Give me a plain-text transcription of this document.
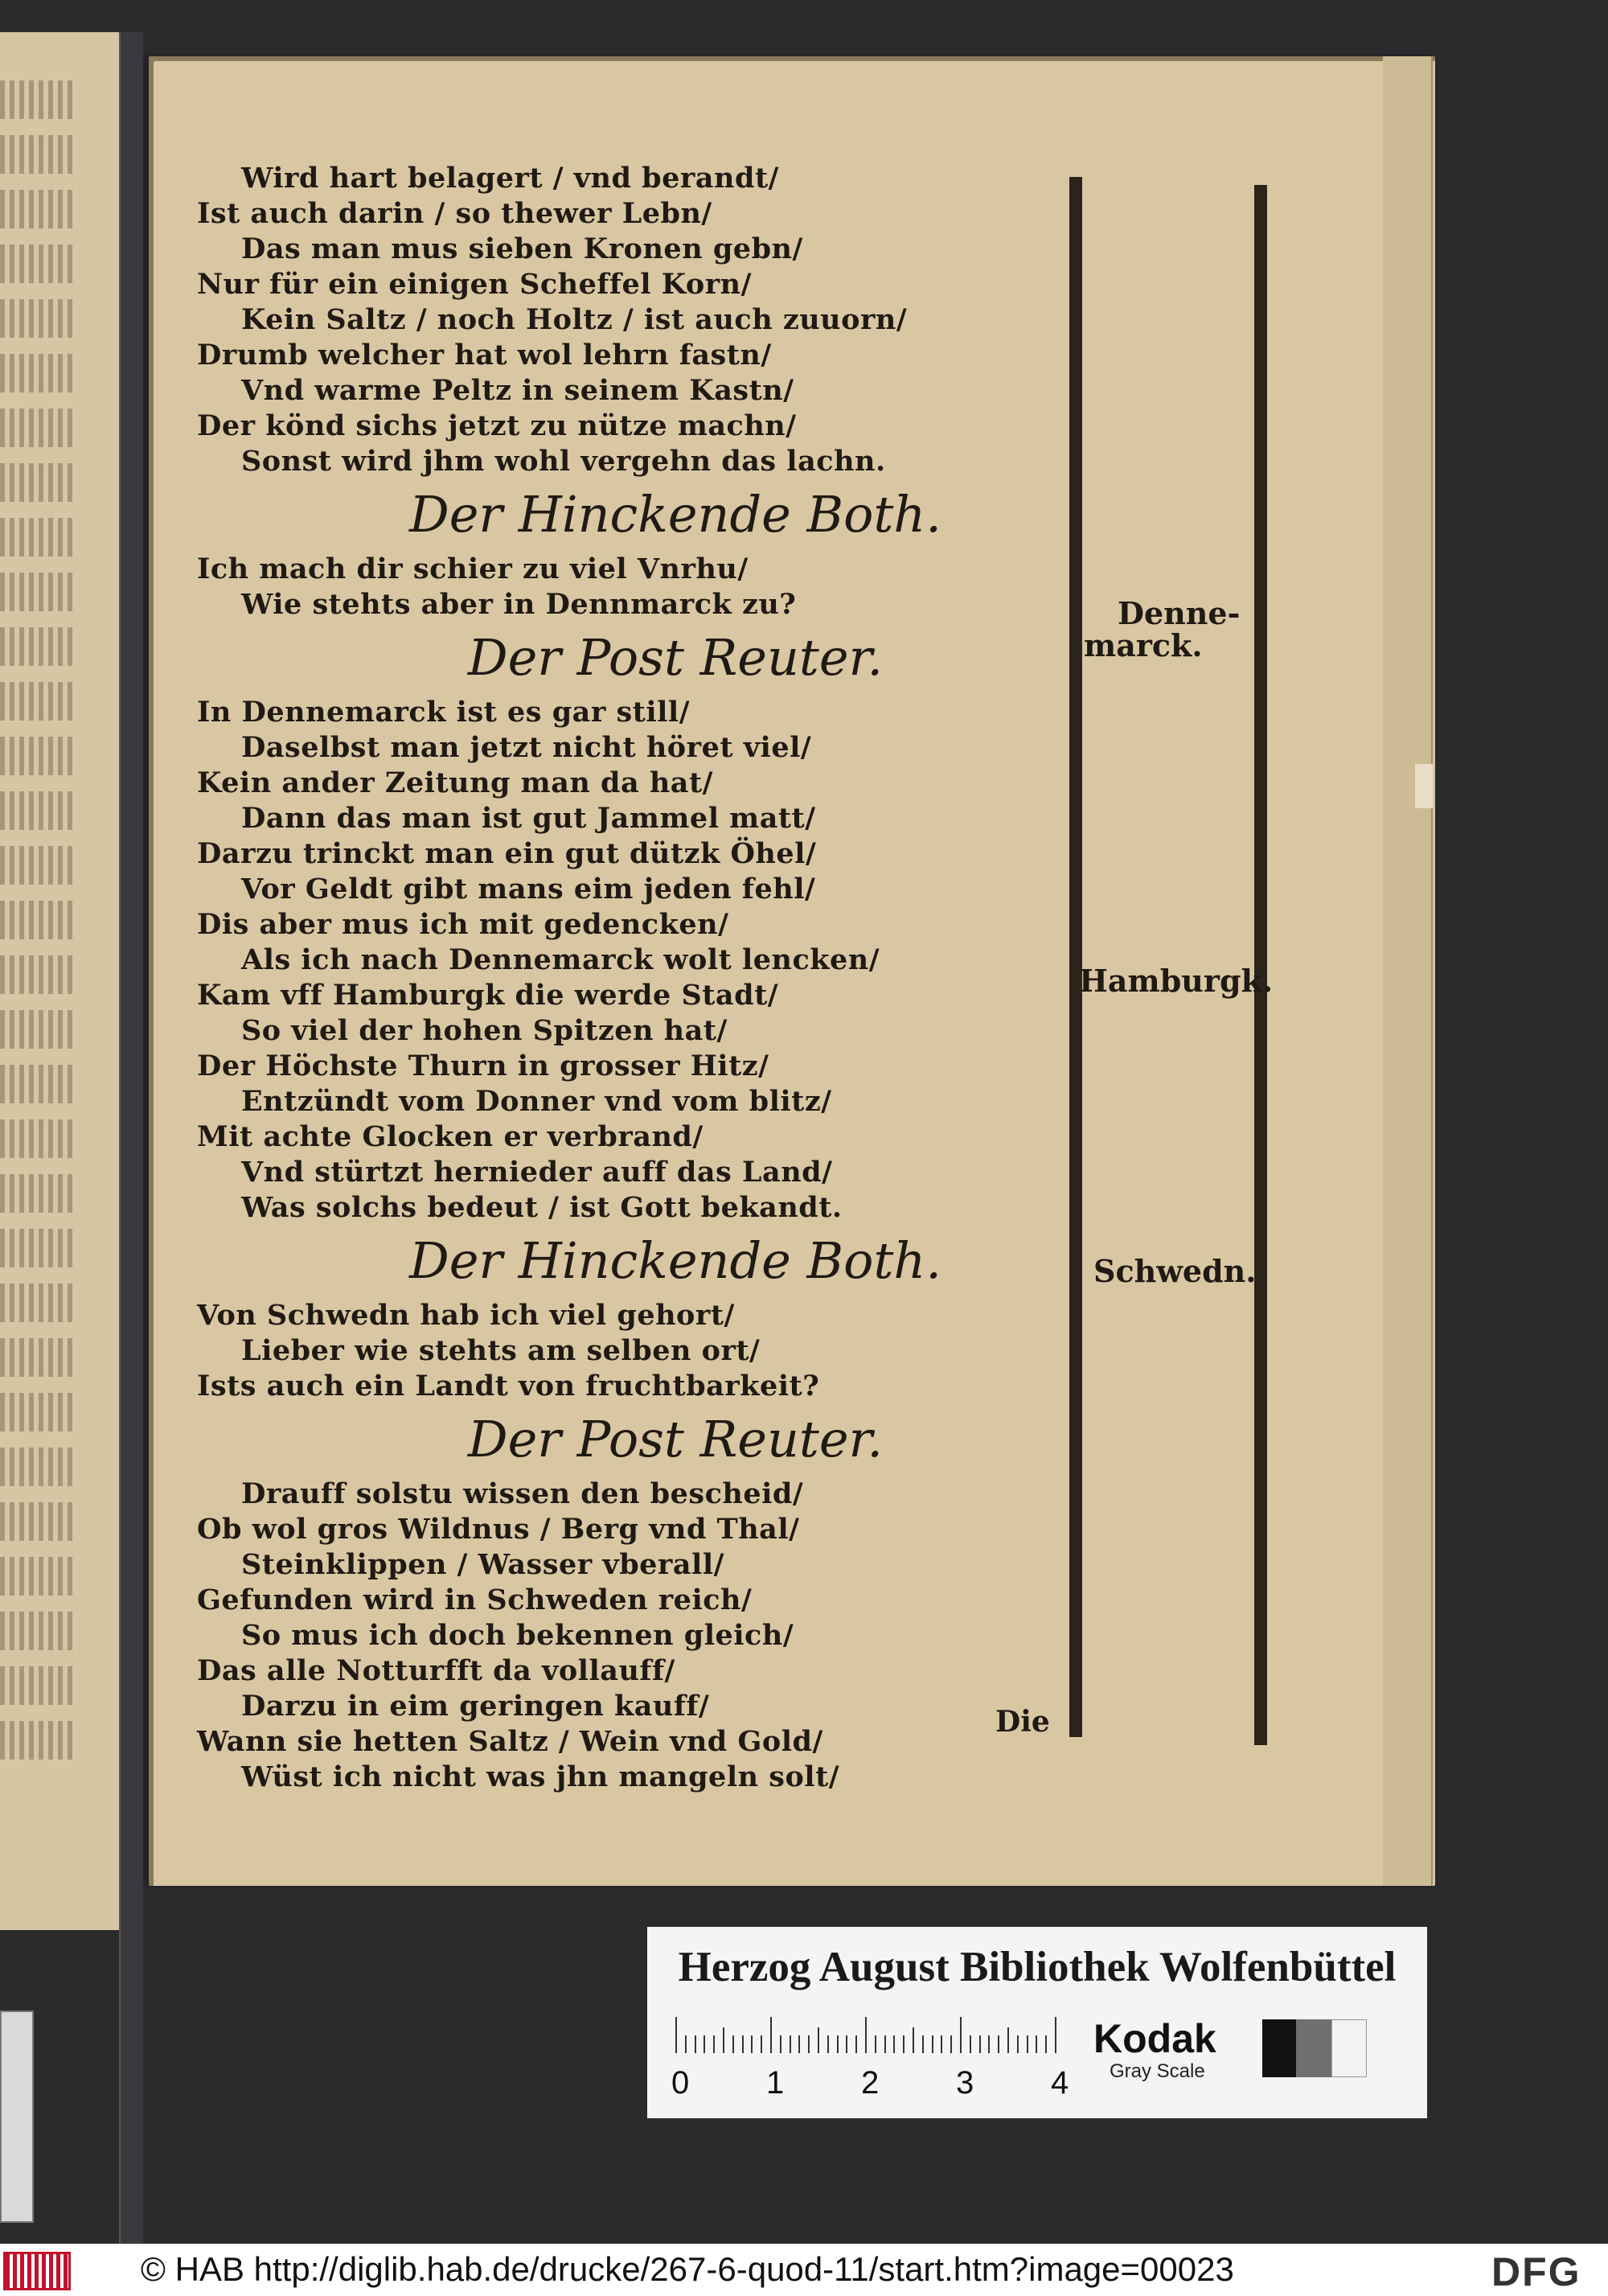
Wird hart belagert / vnd berandt/
Ist auch darin / so thewer Lebn/
Das man mus sieben Kronen gebn/
Nur für ein einigen Scheffel Korn/
Kein Saltz / noch Holtz / ist auch zuuorn/
Drumb welcher hat wol lehrn fastn/
Vnd warme Peltz in seinem Kastn/
Der könd sichs jetzt zu nütze machn/
Sonst wird jhm wohl vergehn das lachn.
Der Hinckende Both.
Ich mach dir schier zu viel Vnrhu/
Wie stehts aber in Dennmarck zu?
Der Post Reuter.
In Dennemarck ist es gar still/
Daselbst man jetzt nicht höret viel/
Kein ander Zeitung man da hat/
Dann das man ist gut Jammel matt/
Darzu trinckt man ein gut dützk Öhel/
Vor Geldt gibt mans eim jeden fehl/
Dis aber mus ich mit gedencken/
Als ich nach Dennemarck wolt lencken/
Kam vff Hamburgk die werde Stadt/
So viel der hohen Spitzen hat/
Der Höchste Thurn in grosser Hitz/
Entzündt vom Donner vnd vom blitz/
Mit achte Glocken er verbrand/
Vnd stürtzt hernieder auff das Land/
Was solchs bedeut / ist Gott bekandt.
Der Hinckende Both.
Von Schwedn hab ich viel gehort/
Lieber wie stehts am selben ort/
Ists auch ein Landt von fruchtbarkeit?
Der Post Reuter.
Drauff solstu wissen den bescheid/
Ob wol gros Wildnus / Berg vnd Thal/
Steinklippen / Wasser vberall/
Gefunden wird in Schweden reich/
So mus ich doch bekennen gleich/
Das alle Notturfft da vollauff/
Darzu in eim geringen kauff/
Wann sie hetten Saltz / Wein vnd Gold/
Wüst ich nicht was jhn mangeln solt/
Denne-
marck.
Hamburgk.
Schwedn.
Die
Herzog August Bibliothek Wolfenbüttel
0 1 2 3 4
Kodak
Gray Scale
© HAB http://diglib.hab.de/drucke/267-6-quod-11/start.htm?image=00023	DFG
